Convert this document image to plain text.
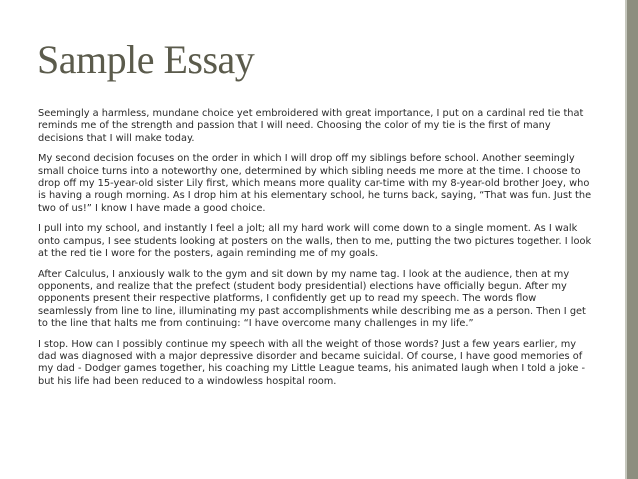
Sample Essay

Seemingly a harmless, mundane choice yet embroidered with great importance, I put on a cardinal red tie that reminds me of the strength and passion that I will need. Choosing the color of my tie is the first of many decisions that I will make today.

My second decision focuses on the order in which I will drop off my siblings before school. Another seemingly small choice turns into a noteworthy one, determined by which sibling needs me more at the time. I choose to drop off my 15-year-old sister Lily first, which means more quality car-time with my 8-year-old brother Joey, who is having a rough morning. As I drop him at his elementary school, he turns back, saying, “That was fun. Just the two of us!” I know I have made a good choice.

I pull into my school, and instantly I feel a jolt; all my hard work will come down to a single moment. As I walk onto campus, I see students looking at posters on the walls, then to me, putting the two pictures together. I look at the red tie I wore for the posters, again reminding me of my goals.

After Calculus, I anxiously walk to the gym and sit down by my name tag. I look at the audience, then at my opponents, and realize that the prefect (student body presidential) elections have officially begun. After my opponents present their respective platforms, I confidently get up to read my speech. The words flow seamlessly from line to line, illuminating my past accomplishments while describing me as a person. Then I get to the line that halts me from continuing: “I have overcome many challenges in my life.”

I stop. How can I possibly continue my speech with all the weight of those words? Just a few years earlier, my dad was diagnosed with a major depressive disorder and became suicidal. Of course, I have good memories of my dad - Dodger games together, his coaching my Little League teams, his animated laugh when I told a joke - but his life had been reduced to a windowless hospital room.
